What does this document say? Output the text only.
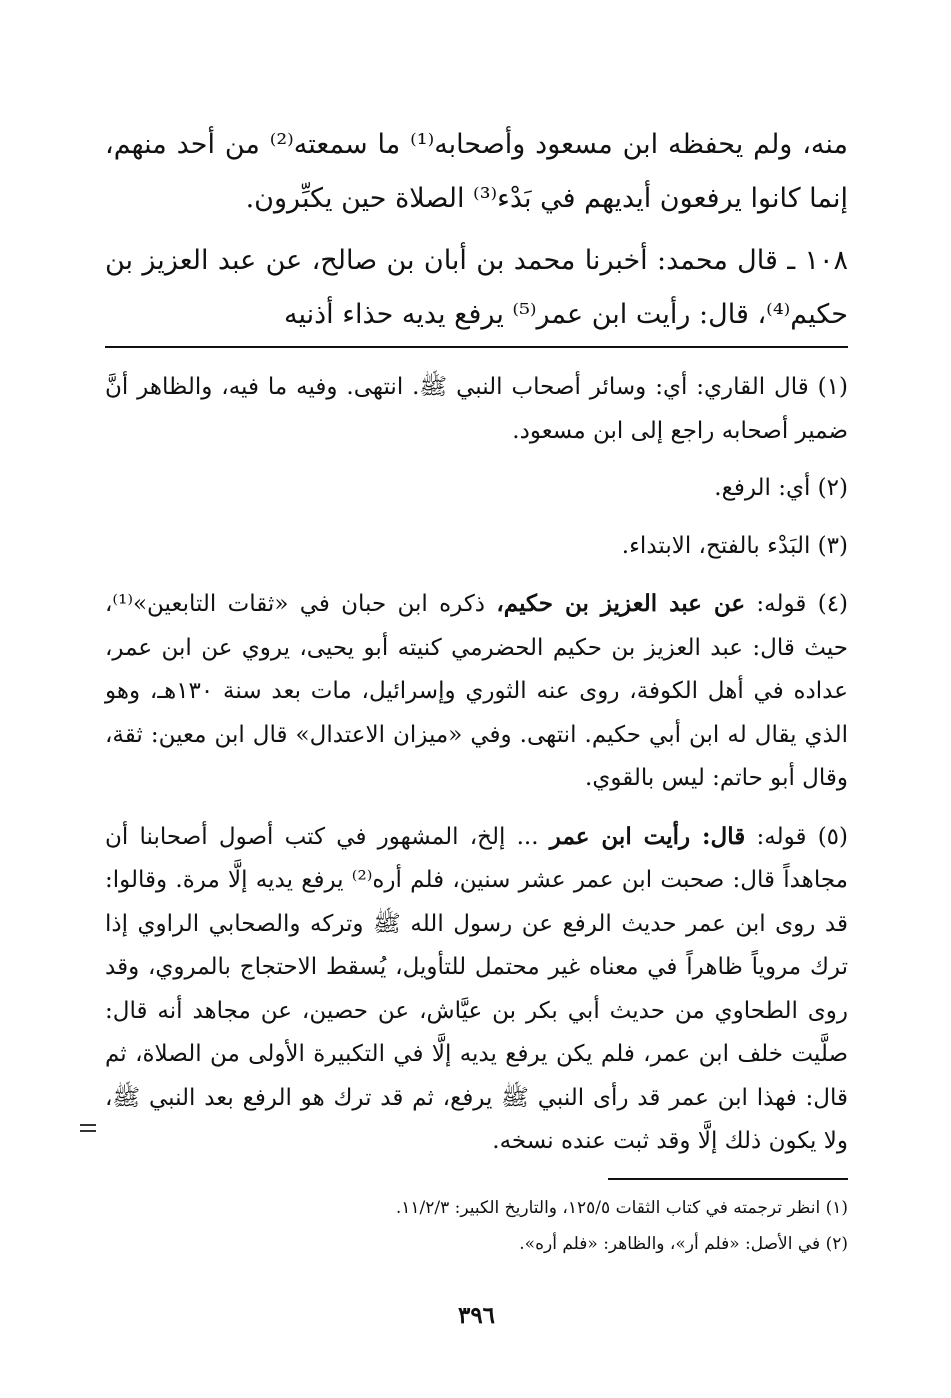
منه، ولم يحفظه ابن مسعود وأصحابه⁽¹⁾ ما سمعته⁽²⁾ من أحد منهم، إنما كانوا يرفعون أيديهم في بَدْء⁽³⁾ الصلاة حين يكبِّرون.

١٠٨ ـ قال محمد: أخبرنا محمد بن أبان بن صالح، عن عبد العزيز بن حكيم⁽⁴⁾، قال: رأيت ابن عمر⁽⁵⁾ يرفع يديه حذاء أذنيه

(١) قال القاري: أي: وسائر أصحاب النبي ﷺ. انتهى. وفيه ما فيه، والظاهر أنَّ ضمير أصحابه راجع إلى ابن مسعود.

(٢) أي: الرفع.

(٣) البَدْء بالفتح، الابتداء.

(٤) قوله: عن عبد العزيز بن حكيم، ذكره ابن حبان في «ثقات التابعين»⁽¹⁾، حيث قال: عبد العزيز بن حكيم الحضرمي كنيته أبو يحيى، يروي عن ابن عمر، عداده في أهل الكوفة، روى عنه الثوري وإسرائيل، مات بعد سنة ١٣٠هـ، وهو الذي يقال له ابن أبي حكيم. انتهى. وفي «ميزان الاعتدال» قال ابن معين: ثقة، وقال أبو حاتم: ليس بالقوي.

(٥) قوله: قال: رأيت ابن عمر ... إلخ، المشهور في كتب أصول أصحابنا أن مجاهداً قال: صحبت ابن عمر عشر سنين، فلم أره⁽²⁾ يرفع يديه إلَّا مرة. وقالوا: قد روى ابن عمر حديث الرفع عن رسول الله ﷺ وتركه والصحابي الراوي إذا ترك مروياً ظاهراً في معناه غير محتمل للتأويل، يُسقط الاحتجاج بالمروي، وقد روى الطحاوي من حديث أبي بكر بن عيَّاش، عن حصين، عن مجاهد أنه قال: صلَّيت خلف ابن عمر، فلم يكن يرفع يديه إلَّا في التكبيرة الأولى من الصلاة، ثم قال: فهذا ابن عمر قد رأى النبي ﷺ يرفع، ثم قد ترك هو الرفع بعد النبي ﷺ، ولا يكون ذلك إلَّا وقد ثبت عنده نسخه.

(١) انظر ترجمته في كتاب الثقات ١٢٥/٥، والتاريخ الكبير: ١١/٢/٣.

(٢) في الأصل: «فلم أر»، والظاهر: «فلم أره».

٣٩٦
